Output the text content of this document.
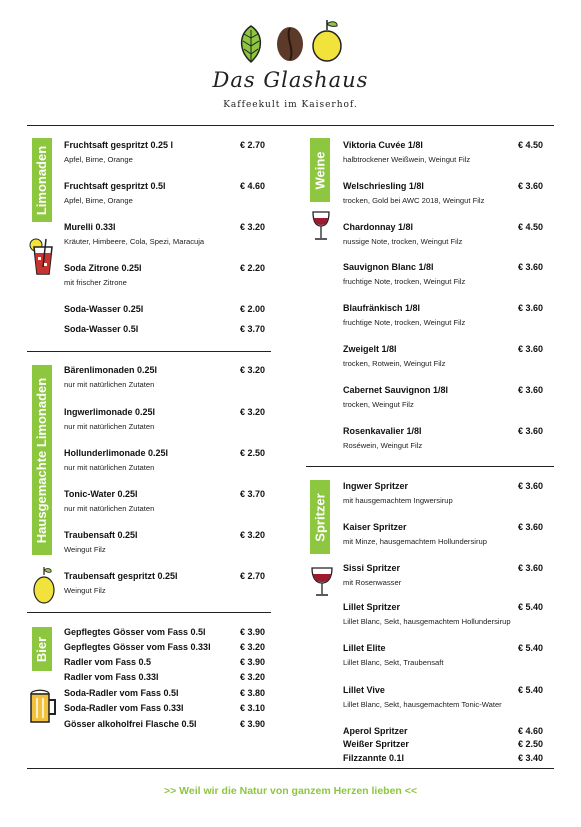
Das Glashaus
Kaffeekult im Kaiserhof.
Limonaden
Hausgemachte Limonaden
Bier
Weine
Spritzer
Fruchtsaft gespritzt 0.25 l	€ 2.70
Apfel, Birne, Orange
Fruchtsaft gespritzt 0.5l	€ 4.60
Apfel, Birne, Orange
Murelli 0.33l	€ 3.20
Kräuter, Himbeere, Cola, Spezi, Maracuja
Soda Zitrone 0.25l	€ 2.20
mit frischer Zitrone
Soda-Wasser 0.25l	€ 2.00
Soda-Wasser 0.5l	€ 3.70
Bärenlimonaden 0.25l	€ 3.20
nur mit natürlichen Zutaten
Ingwerlimonade 0.25l	€ 3.20
nur mit natürlichen Zutaten
Hollunderlimonade 0.25l	€ 2.50
nur mit natürlichen Zutaten
Tonic-Water 0.25l	€ 3.70
nur mit natürlichen Zutaten
Traubensaft 0.25l	€ 3.20
Weingut Filz
Traubensaft gespritzt 0.25l	€ 2.70
Weingut Filz
Gepflegtes Gösser vom Fass 0.5l	€ 3.90
Gepflegtes Gösser vom Fass 0.33l	€ 3.20
Radler vom Fass 0.5	€ 3.90
Radler vom Fass 0.33l	€ 3.20
Soda-Radler vom Fass 0.5l	€ 3.80
Soda-Radler vom Fass 0.33l	€ 3.10
Gösser alkoholfrei Flasche 0.5l	€ 3.90
Viktoria Cuvée 1/8l	€ 4.50
halbtrockener Weißwein, Weingut Filz
Welschriesling 1/8l	€ 3.60
trocken, Gold bei AWC 2018, Weingut Filz
Chardonnay 1/8l	€ 4.50
nussige Note, trocken, Weingut Filz
Sauvignon Blanc 1/8l	€ 3.60
fruchtige Note, trocken, Weingut Filz
Blaufränkisch 1/8l	€ 3.60
fruchtige Note, trocken, Weingut Filz
Zweigelt 1/8l	€ 3.60
trocken, Rotwein, Weingut Filz
Cabernet Sauvignon 1/8l	€ 3.60
trocken, Weingut Filz
Rosenkavalier 1/8l	€ 3.60
Roséwein, Weingut Filz
Ingwer Spritzer	€ 3.60
mit hausgemachtem Ingwersirup
Kaiser Spritzer	€ 3.60
mit Minze, hausgemachtem Hollundersirup
Sissi Spritzer	€ 3.60
mit Rosenwasser
Lillet Spritzer	€ 5.40
Lillet Blanc, Sekt, hausgemachtem Hollundersirup
Lillet Elite	€ 5.40
Lillet Blanc, Sekt, Traubensaft
Lillet Vive	€ 5.40
Lillet Blanc, Sekt, hausgemachtem Tonic-Water
Aperol Spritzer	€ 4.60
Weißer Spritzer	€ 2.50
Filzzannte 0.1l	€ 3.40
>> Weil wir die Natur von ganzem Herzen lieben <<
